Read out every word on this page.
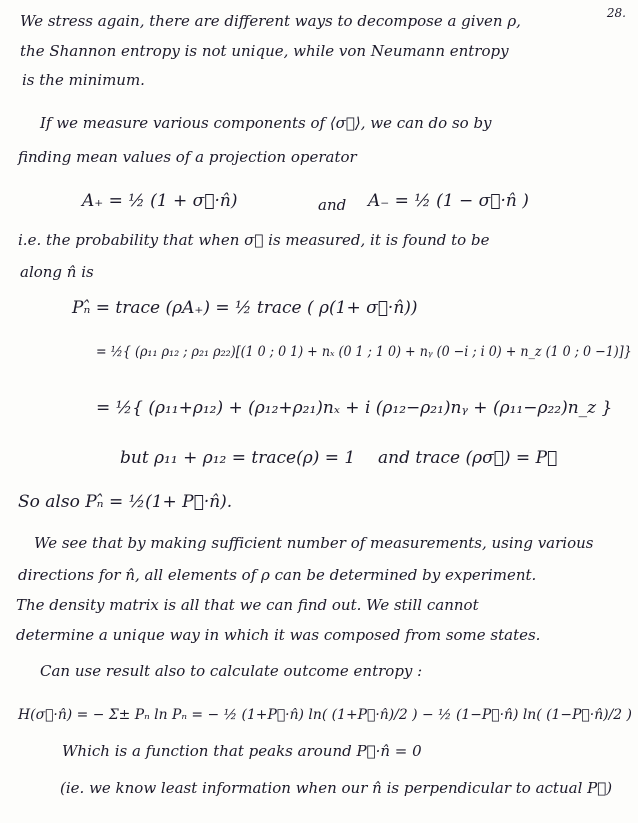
28.
We stress again, there are different ways to decompose a given ρ,
the Shannon entropy is not unique, while von Neumann entropy
is the minimum.
If we measure various components of ⟨σ⃗⟩, we can do so by
finding mean values of a projection operator
A₊ = ½ (1 + σ⃗·n̂)	and A₋ = ½ (1 − σ⃗·n̂ )
i.e. the probability that when σ⃗ is measured, it is found to be
along n̂ is
Pₙ̂ = trace (ρA₊) = ½ trace ( ρ(1+ σ⃗·n̂))
= ½{ (ρ₁₁ ρ₁₂ ; ρ₂₁ ρ₂₂)[(1 0 ; 0 1) + nₓ (0 1 ; 1 0) + nᵧ (0 −i ; i 0) + n_z (1 0 ; 0 −1)]}
= ½{ (ρ₁₁+ρ₁₂) + (ρ₁₂+ρ₂₁)nₓ + i (ρ₁₂−ρ₂₁)nᵧ + (ρ₁₁−ρ₂₂)n_z }
but ρ₁₁ + ρ₁₂ = trace(ρ) = 1 and trace (ρσ⃗) = P⃗
So also Pₙ̂ = ½(1+ P⃗·n̂).
We see that by making sufficient number of measurements, using various
directions for n̂, all elements of ρ can be determined by experiment.
The density matrix is all that we can find out. We still cannot
determine a unique way in which it was composed from some states.
Can use result also to calculate outcome entropy :
H(σ⃗·n̂) = − Σ± Pₙ ln Pₙ = − ½ (1+P⃗·n̂) ln( (1+P⃗·n̂)/2 ) − ½ (1−P⃗·n̂) ln( (1−P⃗·n̂)/2 )
Which is a function that peaks around P⃗·n̂ = 0
(ie. we know least information when our n̂ is perpendicular to actual P⃗)
